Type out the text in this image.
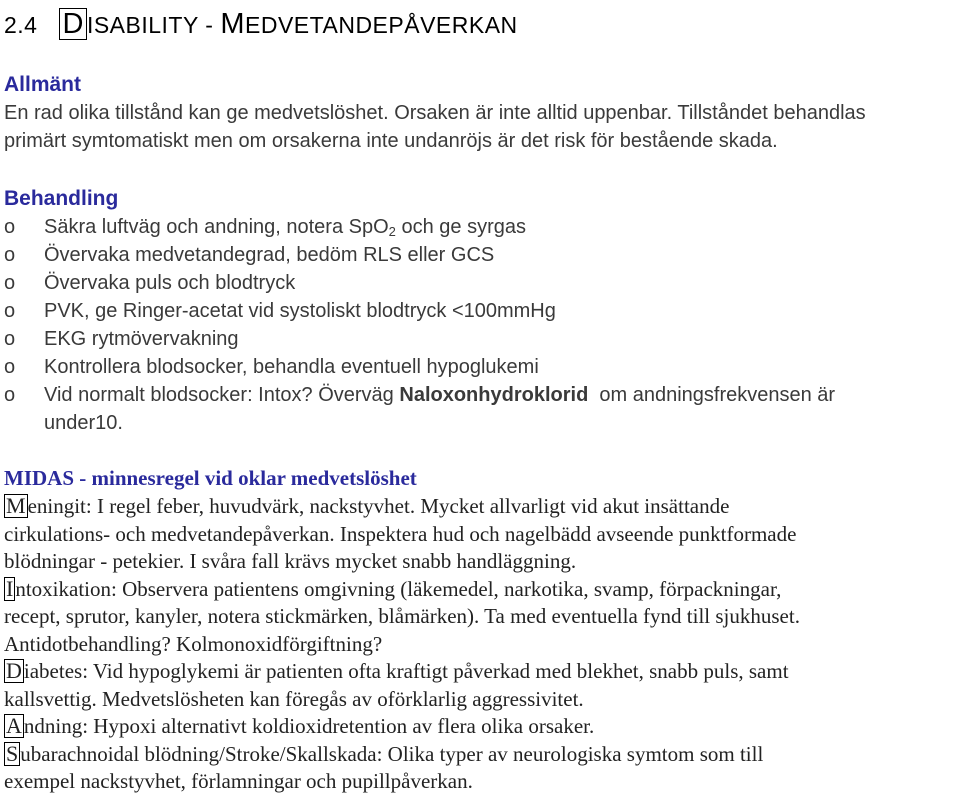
2.4 D ISABILITY - MEDVETANDEPÅVERKAN
Allmänt
En rad olika tillstånd kan ge medvetslöshet. Orsaken är inte alltid uppenbar. Tillståndet behandlas
primärt symtomatiskt men om orsakerna inte undanröjs är det risk för bestående skada.
Behandling
o	Säkra luftväg och andning, notera SpO$_2$ och ge syrgas
o	Övervaka medvetandegrad, bedöm RLS eller GCS
o	Övervaka puls och blodtryck
o	PVK, ge Ringer-acetat vid systoliskt blodtryck <100mmHg
o	EKG rytmövervakning
o	Kontrollera blodsocker, behandla eventuell hypoglukemi
o	Vid normalt blodsocker: Intox? Överväg Naloxonhydroklorid  om andningsfrekvensen är
under10.
MIDAS - minnesregel vid oklar medvetslöshet
Meningit: I regel feber, huvudvärk, nackstyvhet. Mycket allvarligt vid akut insättande
cirkulations- och medvetandepåverkan. Inspektera hud och nagelbädd avseende punktformade
blödningar - petekier. I svåra fall krävs mycket snabb handläggning.
Intoxikation: Observera patientens omgivning (läkemedel, narkotika, svamp, förpackningar,
recept, sprutor, kanyler, notera stickmärken, blåmärken). Ta med eventuella fynd till sjukhuset.
Antidotbehandling? Kolmonoxidförgiftning?
Diabetes: Vid hypoglykemi är patienten ofta kraftigt påverkad med blekhet, snabb puls, samt
kallsvettig. Medvetslösheten kan föregås av oförklarlig aggressivitet.
Andning: Hypoxi alternativt koldioxidretention av flera olika orsaker.
Subarachnoidal blödning/Stroke/Skallskada: Olika typer av neurologiska symtom som till
exempel nackstyvhet, förlamningar och pupillpåverkan.
